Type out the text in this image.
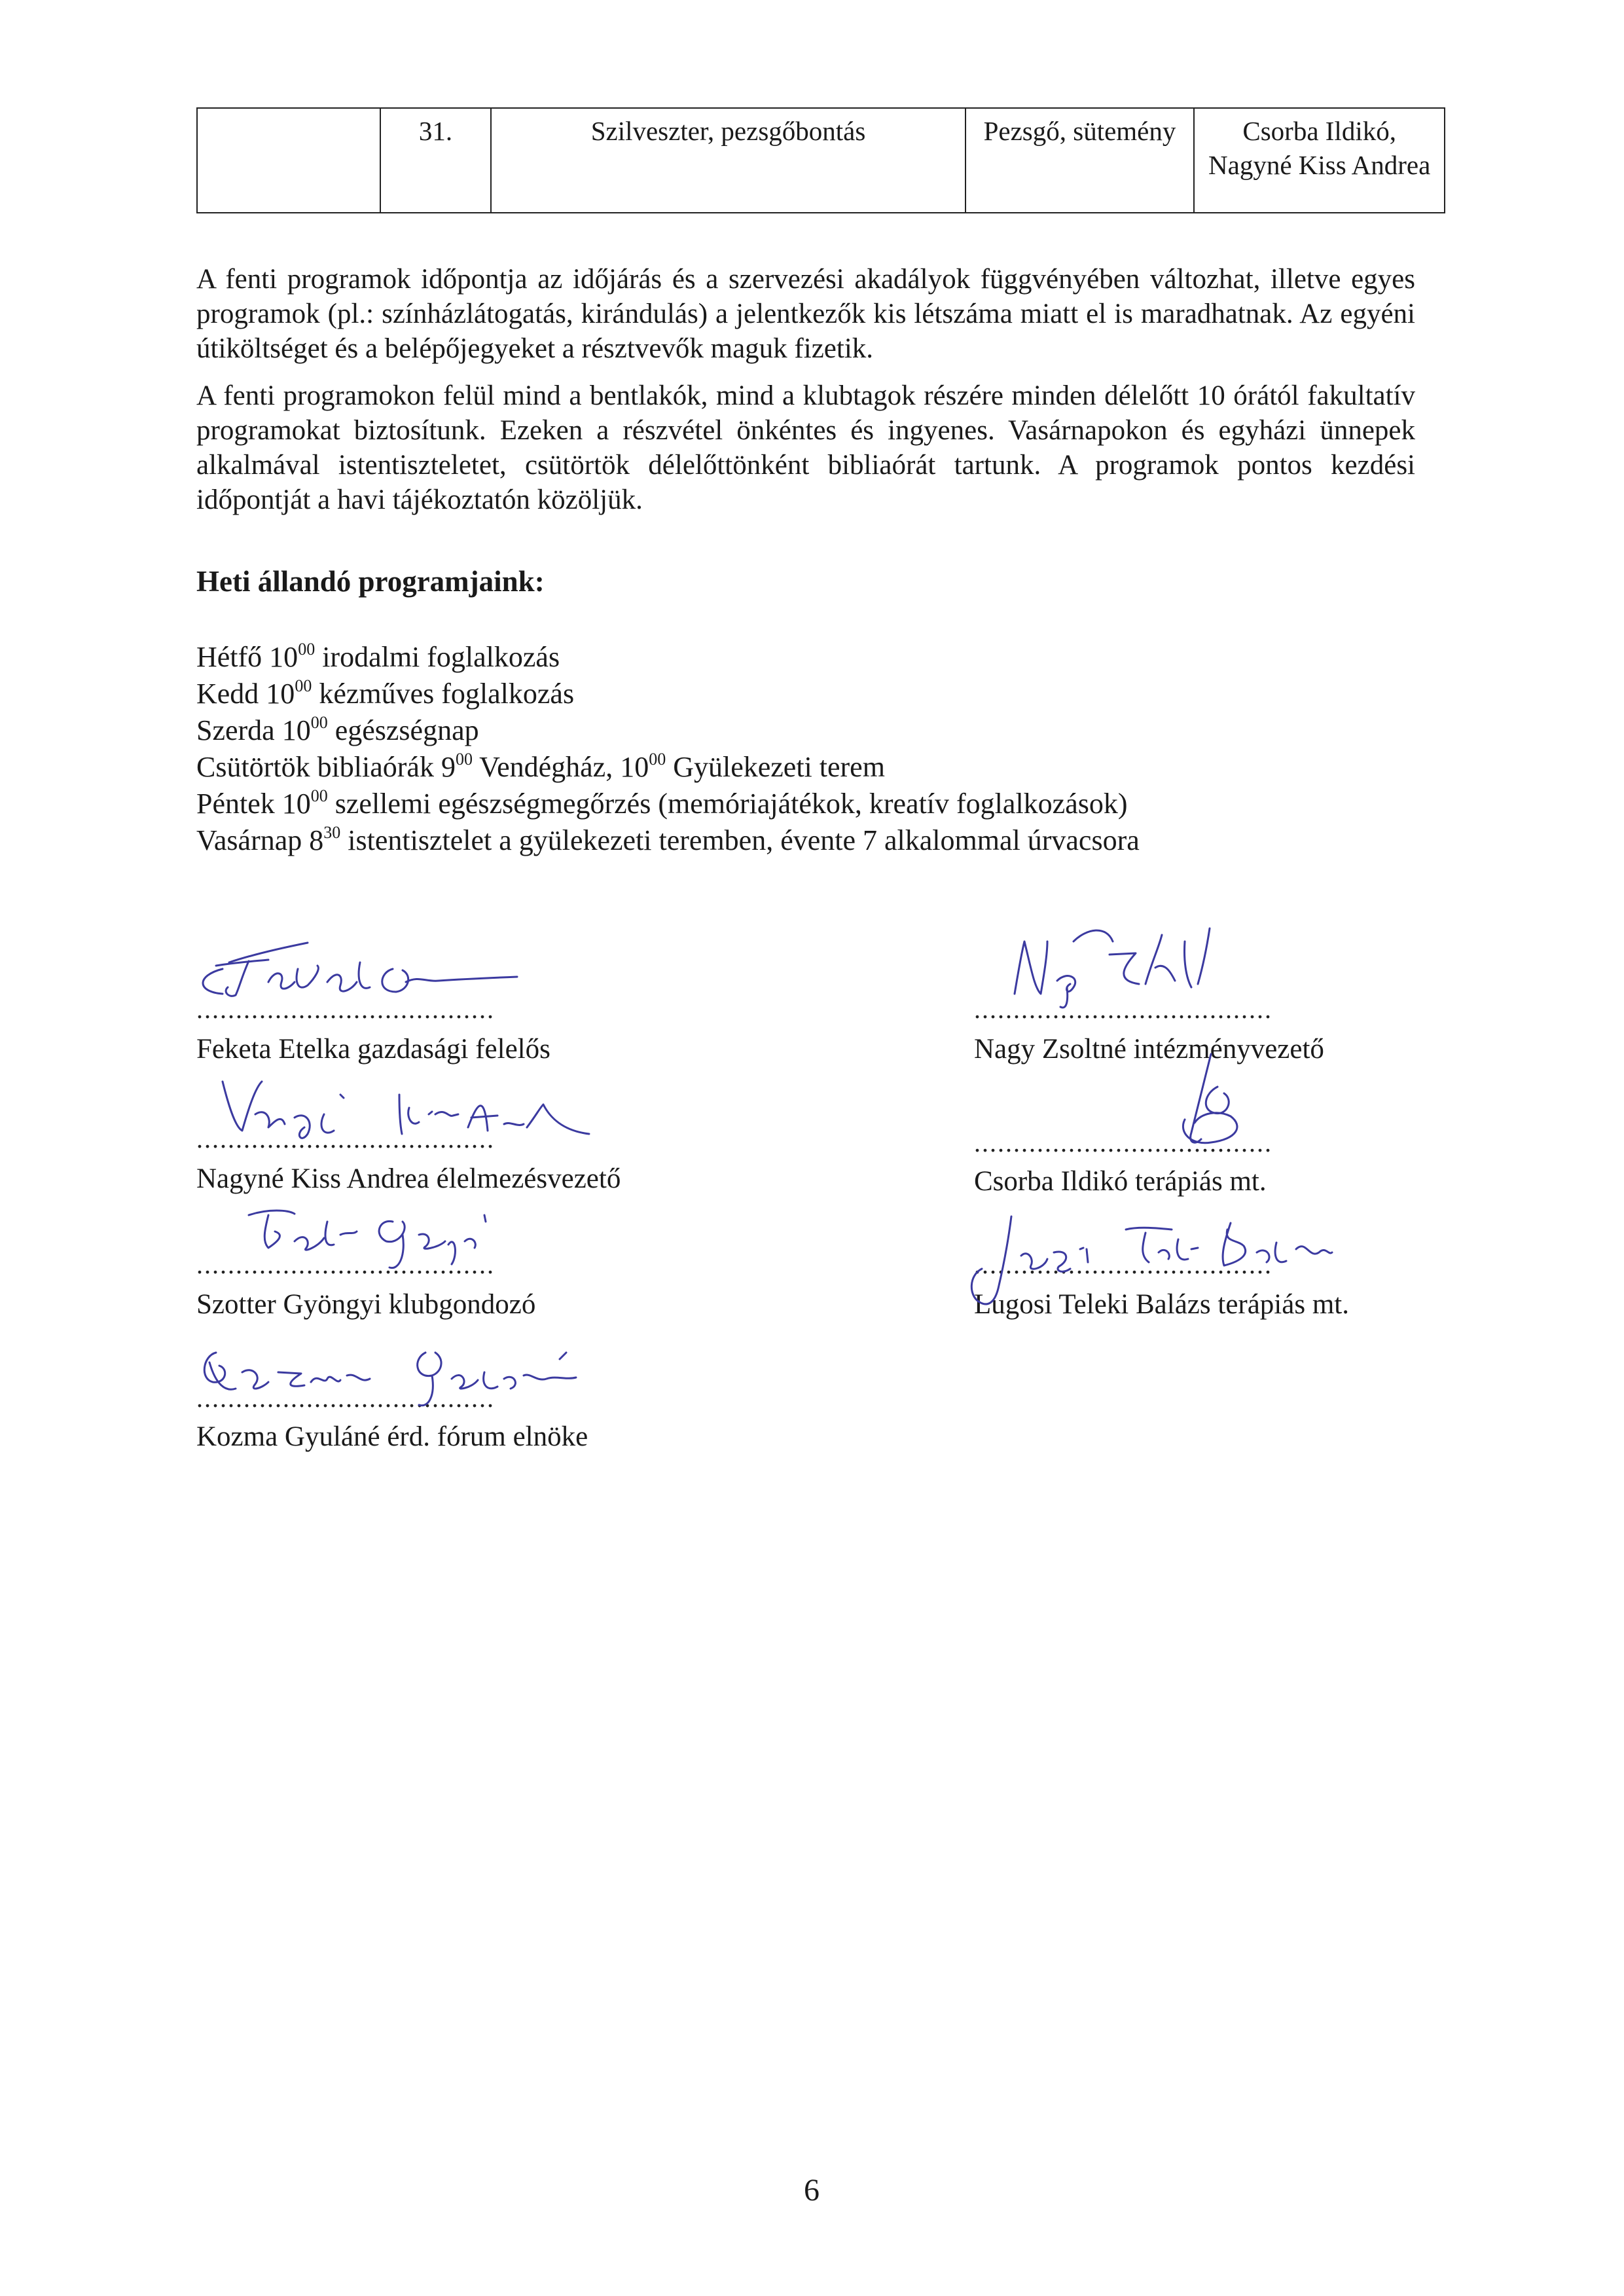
	31.	Szilveszter, pezsgőbontás	Pezsgő, sütemény	Csorba Ildikó, Nagyné Kiss Andrea

A fenti programok időpontja az időjárás és a szervezési akadályok függvényében változhat, illetve egyes programok (pl.: színházlátogatás, kirándulás) a jelentkezők kis létszáma miatt el is maradhatnak. Az egyéni útiköltséget és a belépőjegyeket a résztvevők maguk fizetik.

A fenti programokon felül mind a bentlakók, mind a klubtagok részére minden délelőtt 10 órától fakultatív programokat biztosítunk. Ezeken a részvétel önkéntes és ingyenes. Vasárnapokon és egyházi ünnepek alkalmával istentiszteletet, csütörtök délelőttönként bibliaórát tartunk. A programok pontos kezdési időpontját a havi tájékoztatón közöljük.

Heti állandó programjaink:

Hétfő $10^{00}$ irodalmi foglalkozás
Kedd $10^{00}$ kézműves foglalkozás
Szerda $10^{00}$ egészségnap
Csütörtök bibliaórák $9^{00}$ Vendégház, $10^{00}$ Gyülekezeti terem
Péntek $10^{00}$ szellemi egészségmegőrzés (memóriajátékok, kreatív foglalkozások)
Vasárnap $8^{30}$ istentisztelet a gyülekezeti teremben, évente 7 alkalommal úrvacsora
......................................
Feketa Etelka gazdasági felelős
......................................
Nagyné Kiss Andrea élelmezésvezető
......................................
Szotter Gyöngyi klubgondozó
......................................
Kozma Gyuláné érd. fórum elnöke
......................................
Nagy Zsoltné intézményvezető
......................................
Csorba Ildikó terápiás mt.
......................................
Lugosi Teleki Balázs terápiás mt.
6
